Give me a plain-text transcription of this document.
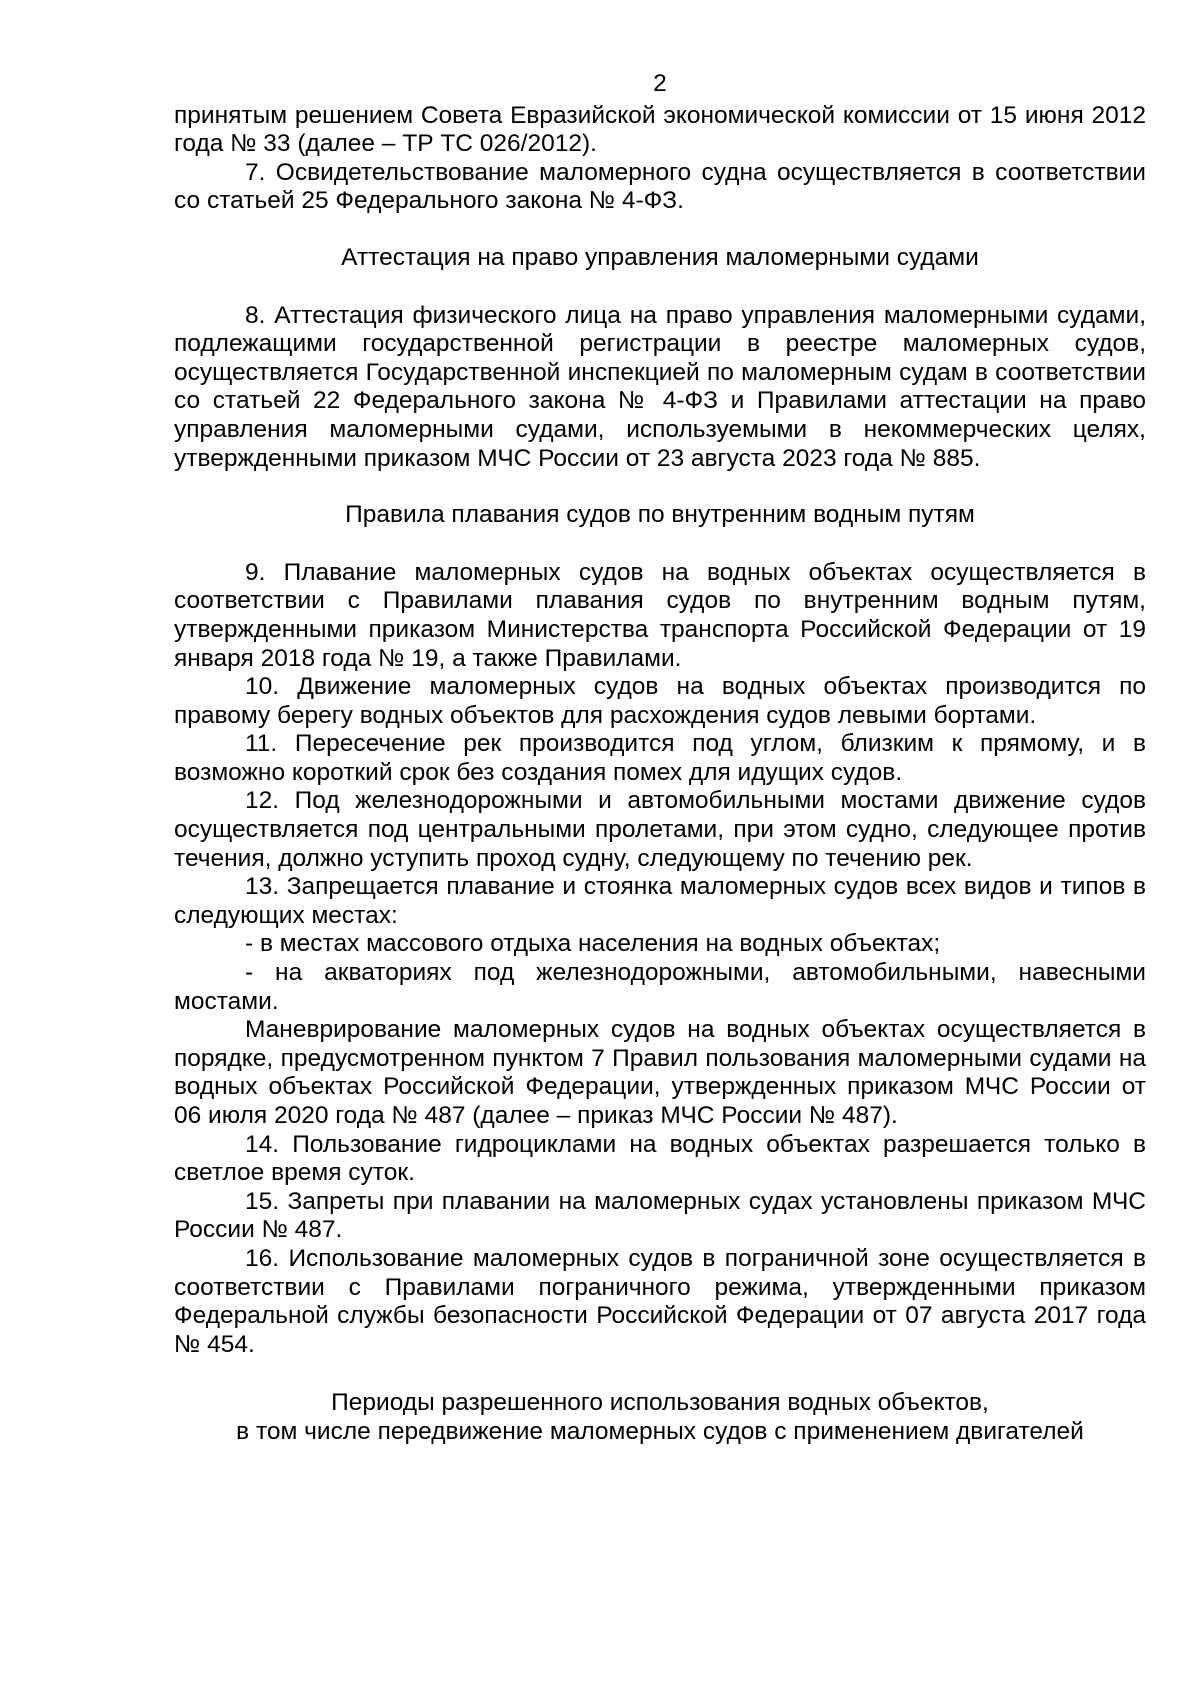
2

принятым решением Совета Евразийской экономической комиссии от 15 июня 2012 года № 33 (далее – ТР ТС 026/2012).

7. Освидетельствование маломерного судна осуществляется в соответствии со статьей 25 Федерального закона № 4-ФЗ.

Аттестация на право управления маломерными судами

8. Аттестация физического лица на право управления маломерными судами, подлежащими государственной регистрации в реестре маломерных судов, осуществляется Государственной инспекцией по маломерным судам в соответствии со статьей 22 Федерального закона № 4-ФЗ и Правилами аттестации на право управления маломерными судами, используемыми в некоммерческих целях, утвержденными приказом МЧС России от 23 августа 2023 года № 885.

Правила плавания судов по внутренним водным путям

9. Плавание маломерных судов на водных объектах осуществляется в соответствии с Правилами плавания судов по внутренним водным путям, утвержденными приказом Министерства транспорта Российской Федерации от 19 января 2018 года № 19, а также Правилами.

10. Движение маломерных судов на водных объектах производится по правому берегу водных объектов для расхождения судов левыми бортами.

11. Пересечение рек производится под углом, близким к прямому, и в возможно короткий срок без создания помех для идущих судов.

12. Под железнодорожными и автомобильными мостами движение судов осуществляется под центральными пролетами, при этом судно, следующее против течения, должно уступить проход судну, следующему по течению рек.

13. Запрещается плавание и стоянка маломерных судов всех видов и типов в следующих местах:

- в местах массового отдыха населения на водных объектах;

- на акваториях под железнодорожными, автомобильными, навесными мостами.

Маневрирование маломерных судов на водных объектах осуществляется в порядке, предусмотренном пунктом 7 Правил пользования маломерными судами на водных объектах Российской Федерации, утвержденных приказом МЧС России от 06 июля 2020 года № 487 (далее – приказ МЧС России № 487).

14. Пользование гидроциклами на водных объектах разрешается только в светлое время суток.

15. Запреты при плавании на маломерных судах установлены приказом МЧС России № 487.

16. Использование маломерных судов в пограничной зоне осуществляется в соответствии с Правилами пограничного режима, утвержденными приказом Федеральной службы безопасности Российской Федерации от 07 августа 2017 года № 454.

Периоды разрешенного использования водных объектов,
в том числе передвижение маломерных судов с применением двигателей
